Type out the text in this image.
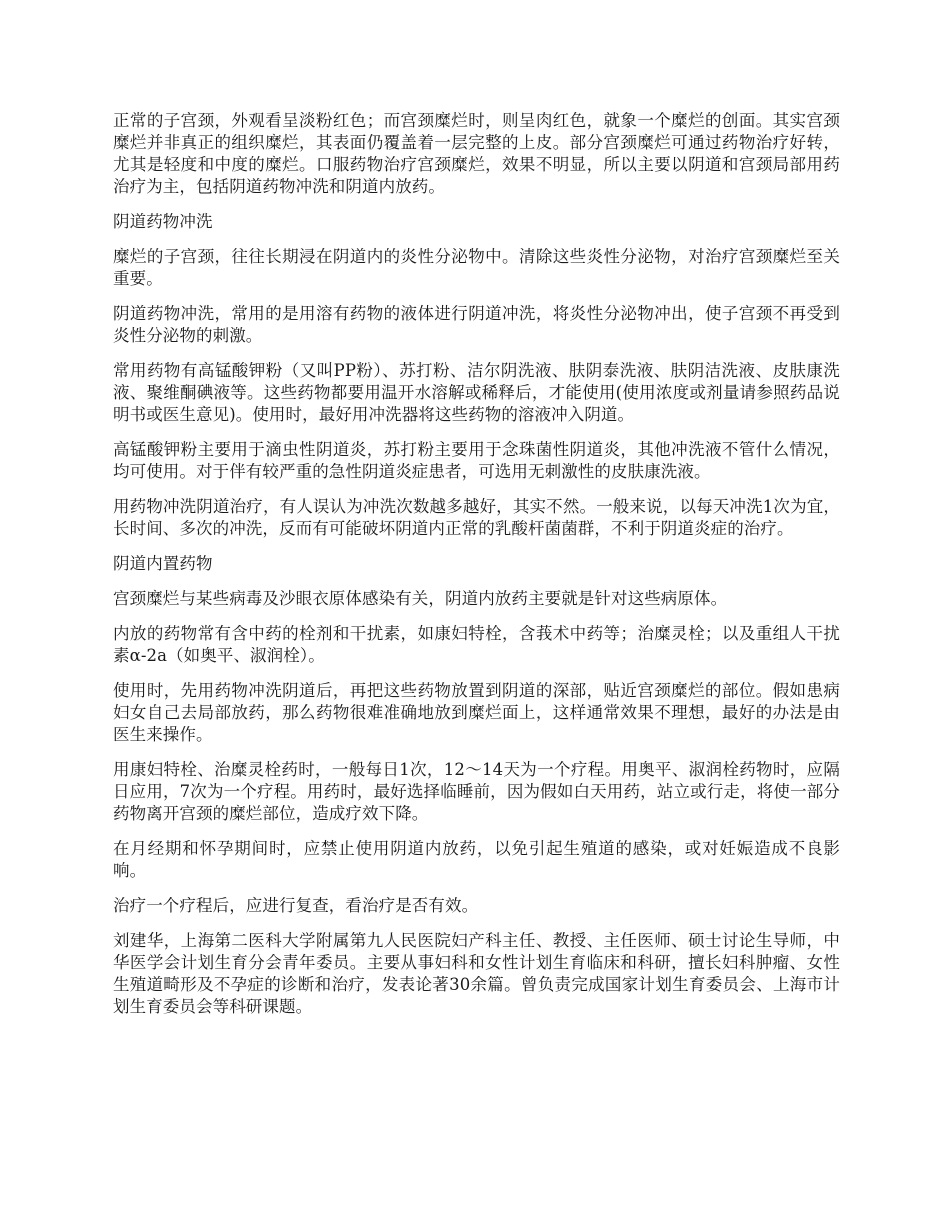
正常的子宫颈，外观看呈淡粉红色；而宫颈糜烂时，则呈肉红色，就象一个糜烂的创面。其实宫颈糜烂并非真正的组织糜烂，其表面仍覆盖着一层完整的上皮。部分宫颈糜烂可通过药物治疗好转，尤其是轻度和中度的糜烂。口服药物治疗宫颈糜烂，效果不明显，所以主要以阴道和宫颈局部用药治疗为主，包括阴道药物冲洗和阴道内放药。

阴道药物冲洗

糜烂的子宫颈，往往长期浸在阴道内的炎性分泌物中。清除这些炎性分泌物，对治疗宫颈糜烂至关重要。

阴道药物冲洗，常用的是用溶有药物的液体进行阴道冲洗，将炎性分泌物冲出，使子宫颈不再受到炎性分泌物的刺激。

常用药物有高锰酸钾粉（又叫PP粉）、苏打粉、洁尔阴洗液、肤阴泰洗液、肤阴洁洗液、皮肤康洗液、聚维酮碘液等。这些药物都要用温开水溶解或稀释后，才能使用(使用浓度或剂量请参照药品说明书或医生意见)。使用时，最好用冲洗器将这些药物的溶液冲入阴道。

高锰酸钾粉主要用于滴虫性阴道炎，苏打粉主要用于念珠菌性阴道炎，其他冲洗液不管什么情况，均可使用。对于伴有较严重的急性阴道炎症患者，可选用无刺激性的皮肤康洗液。

用药物冲洗阴道治疗，有人误认为冲洗次数越多越好，其实不然。一般来说，以每天冲洗1次为宜，长时间、多次的冲洗，反而有可能破坏阴道内正常的乳酸杆菌菌群，不利于阴道炎症的治疗。

阴道内置药物

宫颈糜烂与某些病毒及沙眼衣原体感染有关，阴道内放药主要就是针对这些病原体。

内放的药物常有含中药的栓剂和干扰素，如康妇特栓，含莪术中药等；治糜灵栓；以及重组人干扰素α-2a（如奥平、淑润栓）。

使用时，先用药物冲洗阴道后，再把这些药物放置到阴道的深部，贴近宫颈糜烂的部位。假如患病妇女自己去局部放药，那么药物很难准确地放到糜烂面上，这样通常效果不理想，最好的办法是由医生来操作。

用康妇特栓、治糜灵栓药时，一般每日1次，12～14天为一个疗程。用奥平、淑润栓药物时，应隔日应用，7次为一个疗程。用药时，最好选择临睡前，因为假如白天用药，站立或行走，将使一部分药物离开宫颈的糜烂部位，造成疗效下降。

在月经期和怀孕期间时，应禁止使用阴道内放药，以免引起生殖道的感染，或对妊娠造成不良影响。

治疗一个疗程后，应进行复查，看治疗是否有效。

刘建华，上海第二医科大学附属第九人民医院妇产科主任、教授、主任医师、硕士讨论生导师，中华医学会计划生育分会青年委员。主要从事妇科和女性计划生育临床和科研，擅长妇科肿瘤、女性生殖道畸形及不孕症的诊断和治疗，发表论著30余篇。曾负责完成国家计划生育委员会、上海市计划生育委员会等科研课题。
